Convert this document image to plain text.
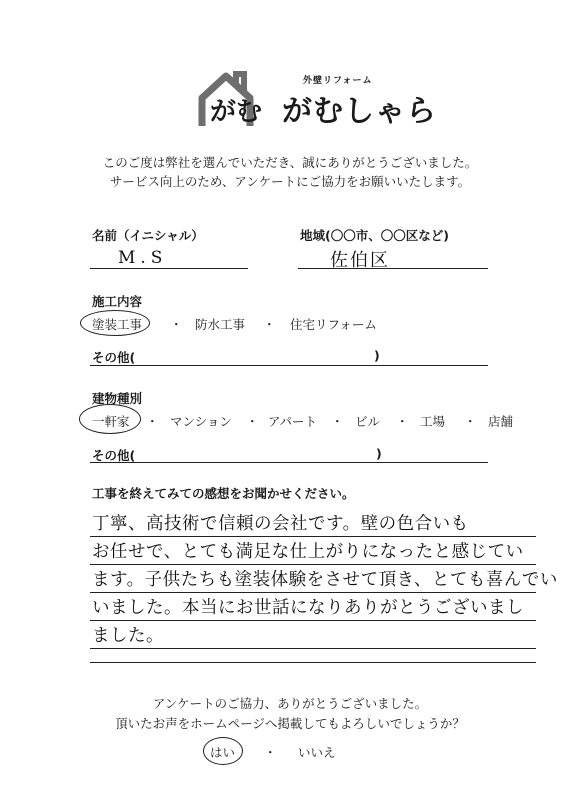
がむ
外壁リフォーム
がむしゃら
このご度は弊社を選んでいただき、誠にありがとうございました。
サービス向上のため、アンケートにご協力をお願いいたします。
名前（イニシャル）
M.S
地域(〇〇市、〇〇区など)
佐伯区
施工内容
塗装工事 ・ 防水工事 ・ 住宅リフォーム
その他(	)
建物種別
一軒家 ・ マンション ・ アパート ・ ビル ・ 工場 ・ 店舗
その他(	)
工事を終えてみての感想をお聞かせください。
丁寧、高技術で信頼の会社です。壁の色合いも
お任せで、とても満足な仕上がりになったと感じてい
ます。子供たちも塗装体験をさせて頂き、とても喜んでい
いました。本当にお世話になりありがとうございまし
ました。
アンケートのご協力、ありがとうございました。
頂いたお声をホームページへ掲載してもよろしいでしょうか？
はい ・ いいえ
